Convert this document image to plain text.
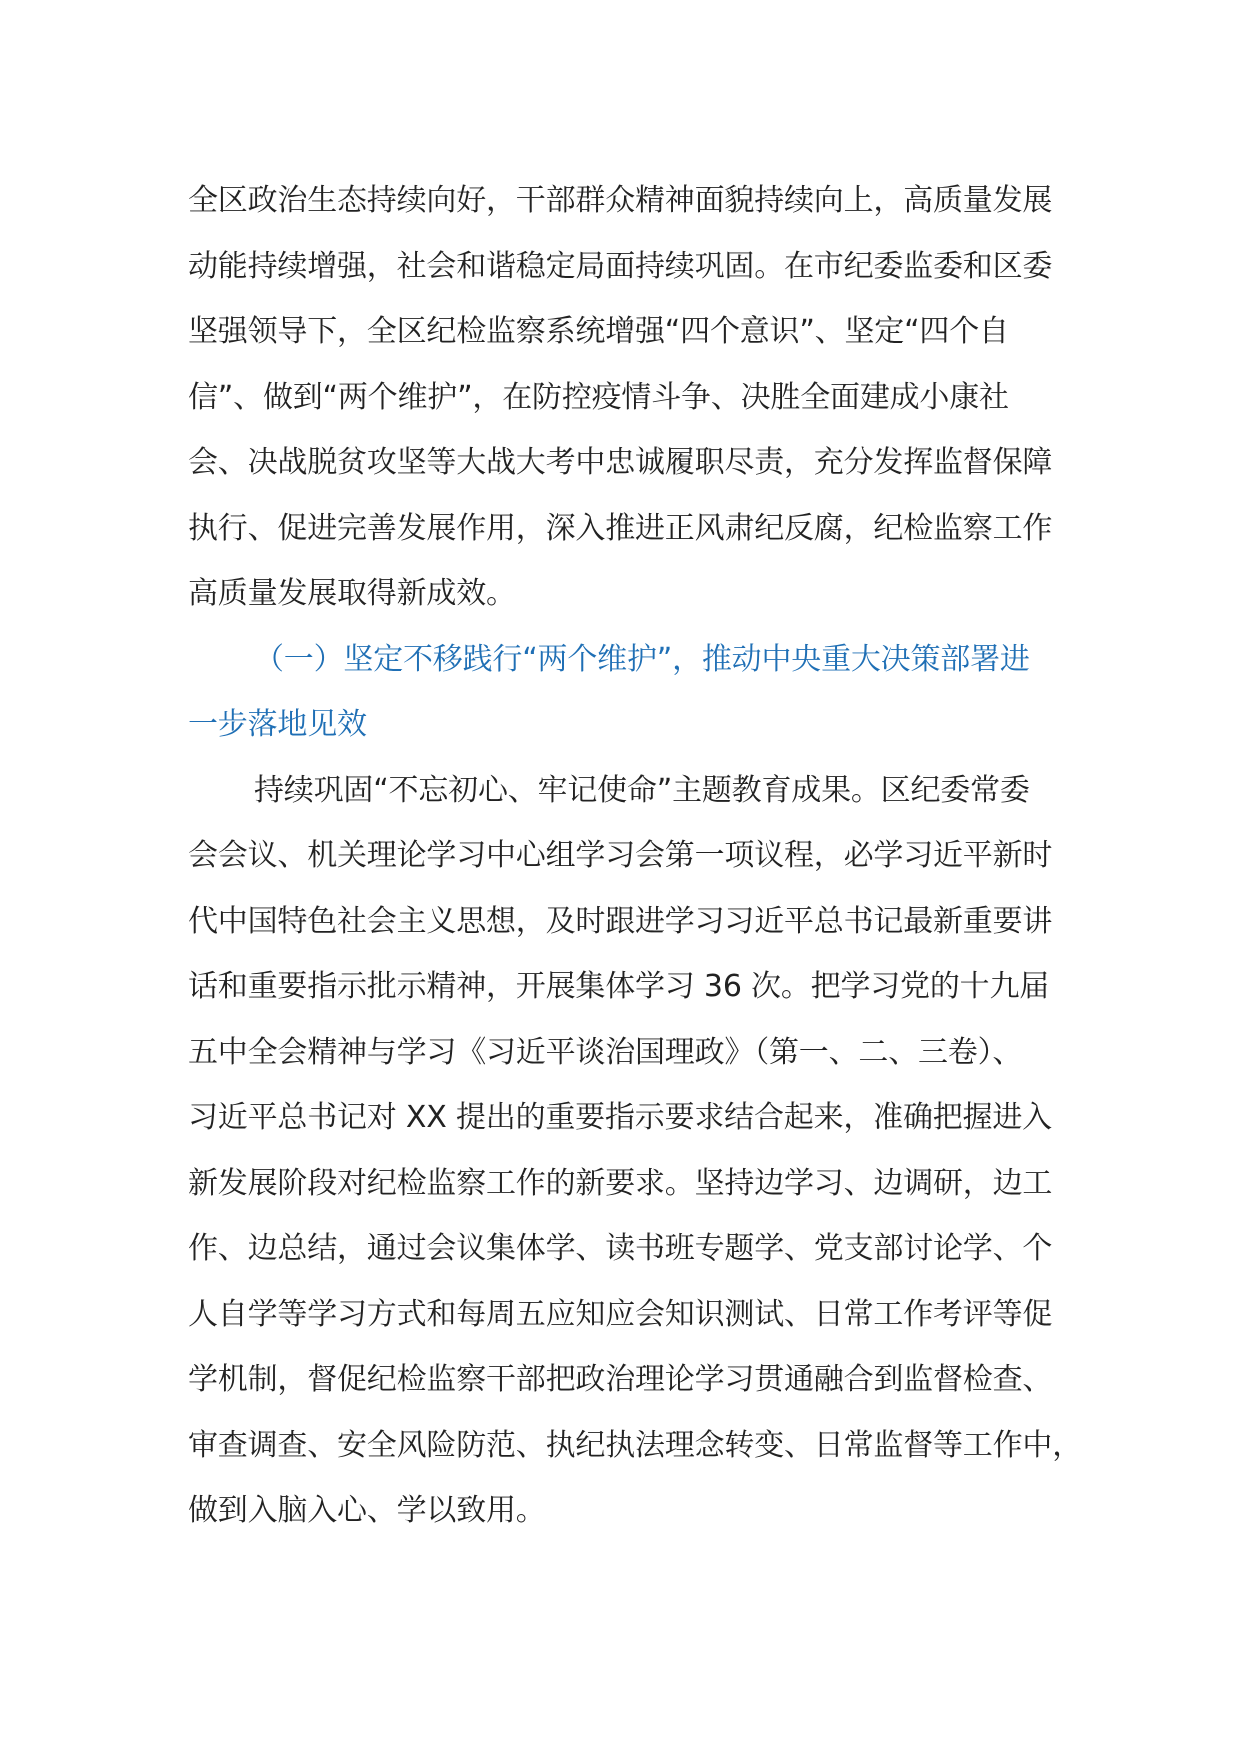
全区政治生态持续向好，干部群众精神面貌持续向上，高质量发展
动能持续增强，社会和谐稳定局面持续巩固。在市纪委监委和区委
坚强领导下，全区纪检监察系统增强“四个意识”、坚定“四个自
信”、做到“两个维护”，在防控疫情斗争、决胜全面建成小康社
会、决战脱贫攻坚等大战大考中忠诚履职尽责，充分发挥监督保障
执行、促进完善发展作用，深入推进正风肃纪反腐，纪检监察工作
高质量发展取得新成效。
（一）坚定不移践行“两个维护”，推动中央重大决策部署进
一步落地见效
持续巩固“不忘初心、牢记使命”主题教育成果。区纪委常委
会会议、机关理论学习中心组学习会第一项议程，必学习近平新时
代中国特色社会主义思想，及时跟进学习习近平总书记最新重要讲
话和重要指示批示精神，开展集体学习 36 次。把学习党的十九届
五中全会精神与学习《习近平谈治国理政》（第一、二、三卷）、
习近平总书记对 XX 提出的重要指示要求结合起来，准确把握进入
新发展阶段对纪检监察工作的新要求。坚持边学习、边调研，边工
作、边总结，通过会议集体学、读书班专题学、党支部讨论学、个
人自学等学习方式和每周五应知应会知识测试、日常工作考评等促
学机制，督促纪检监察干部把政治理论学习贯通融合到监督检查、
审查调查、安全风险防范、执纪执法理念转变、日常监督等工作中，
做到入脑入心、学以致用。
